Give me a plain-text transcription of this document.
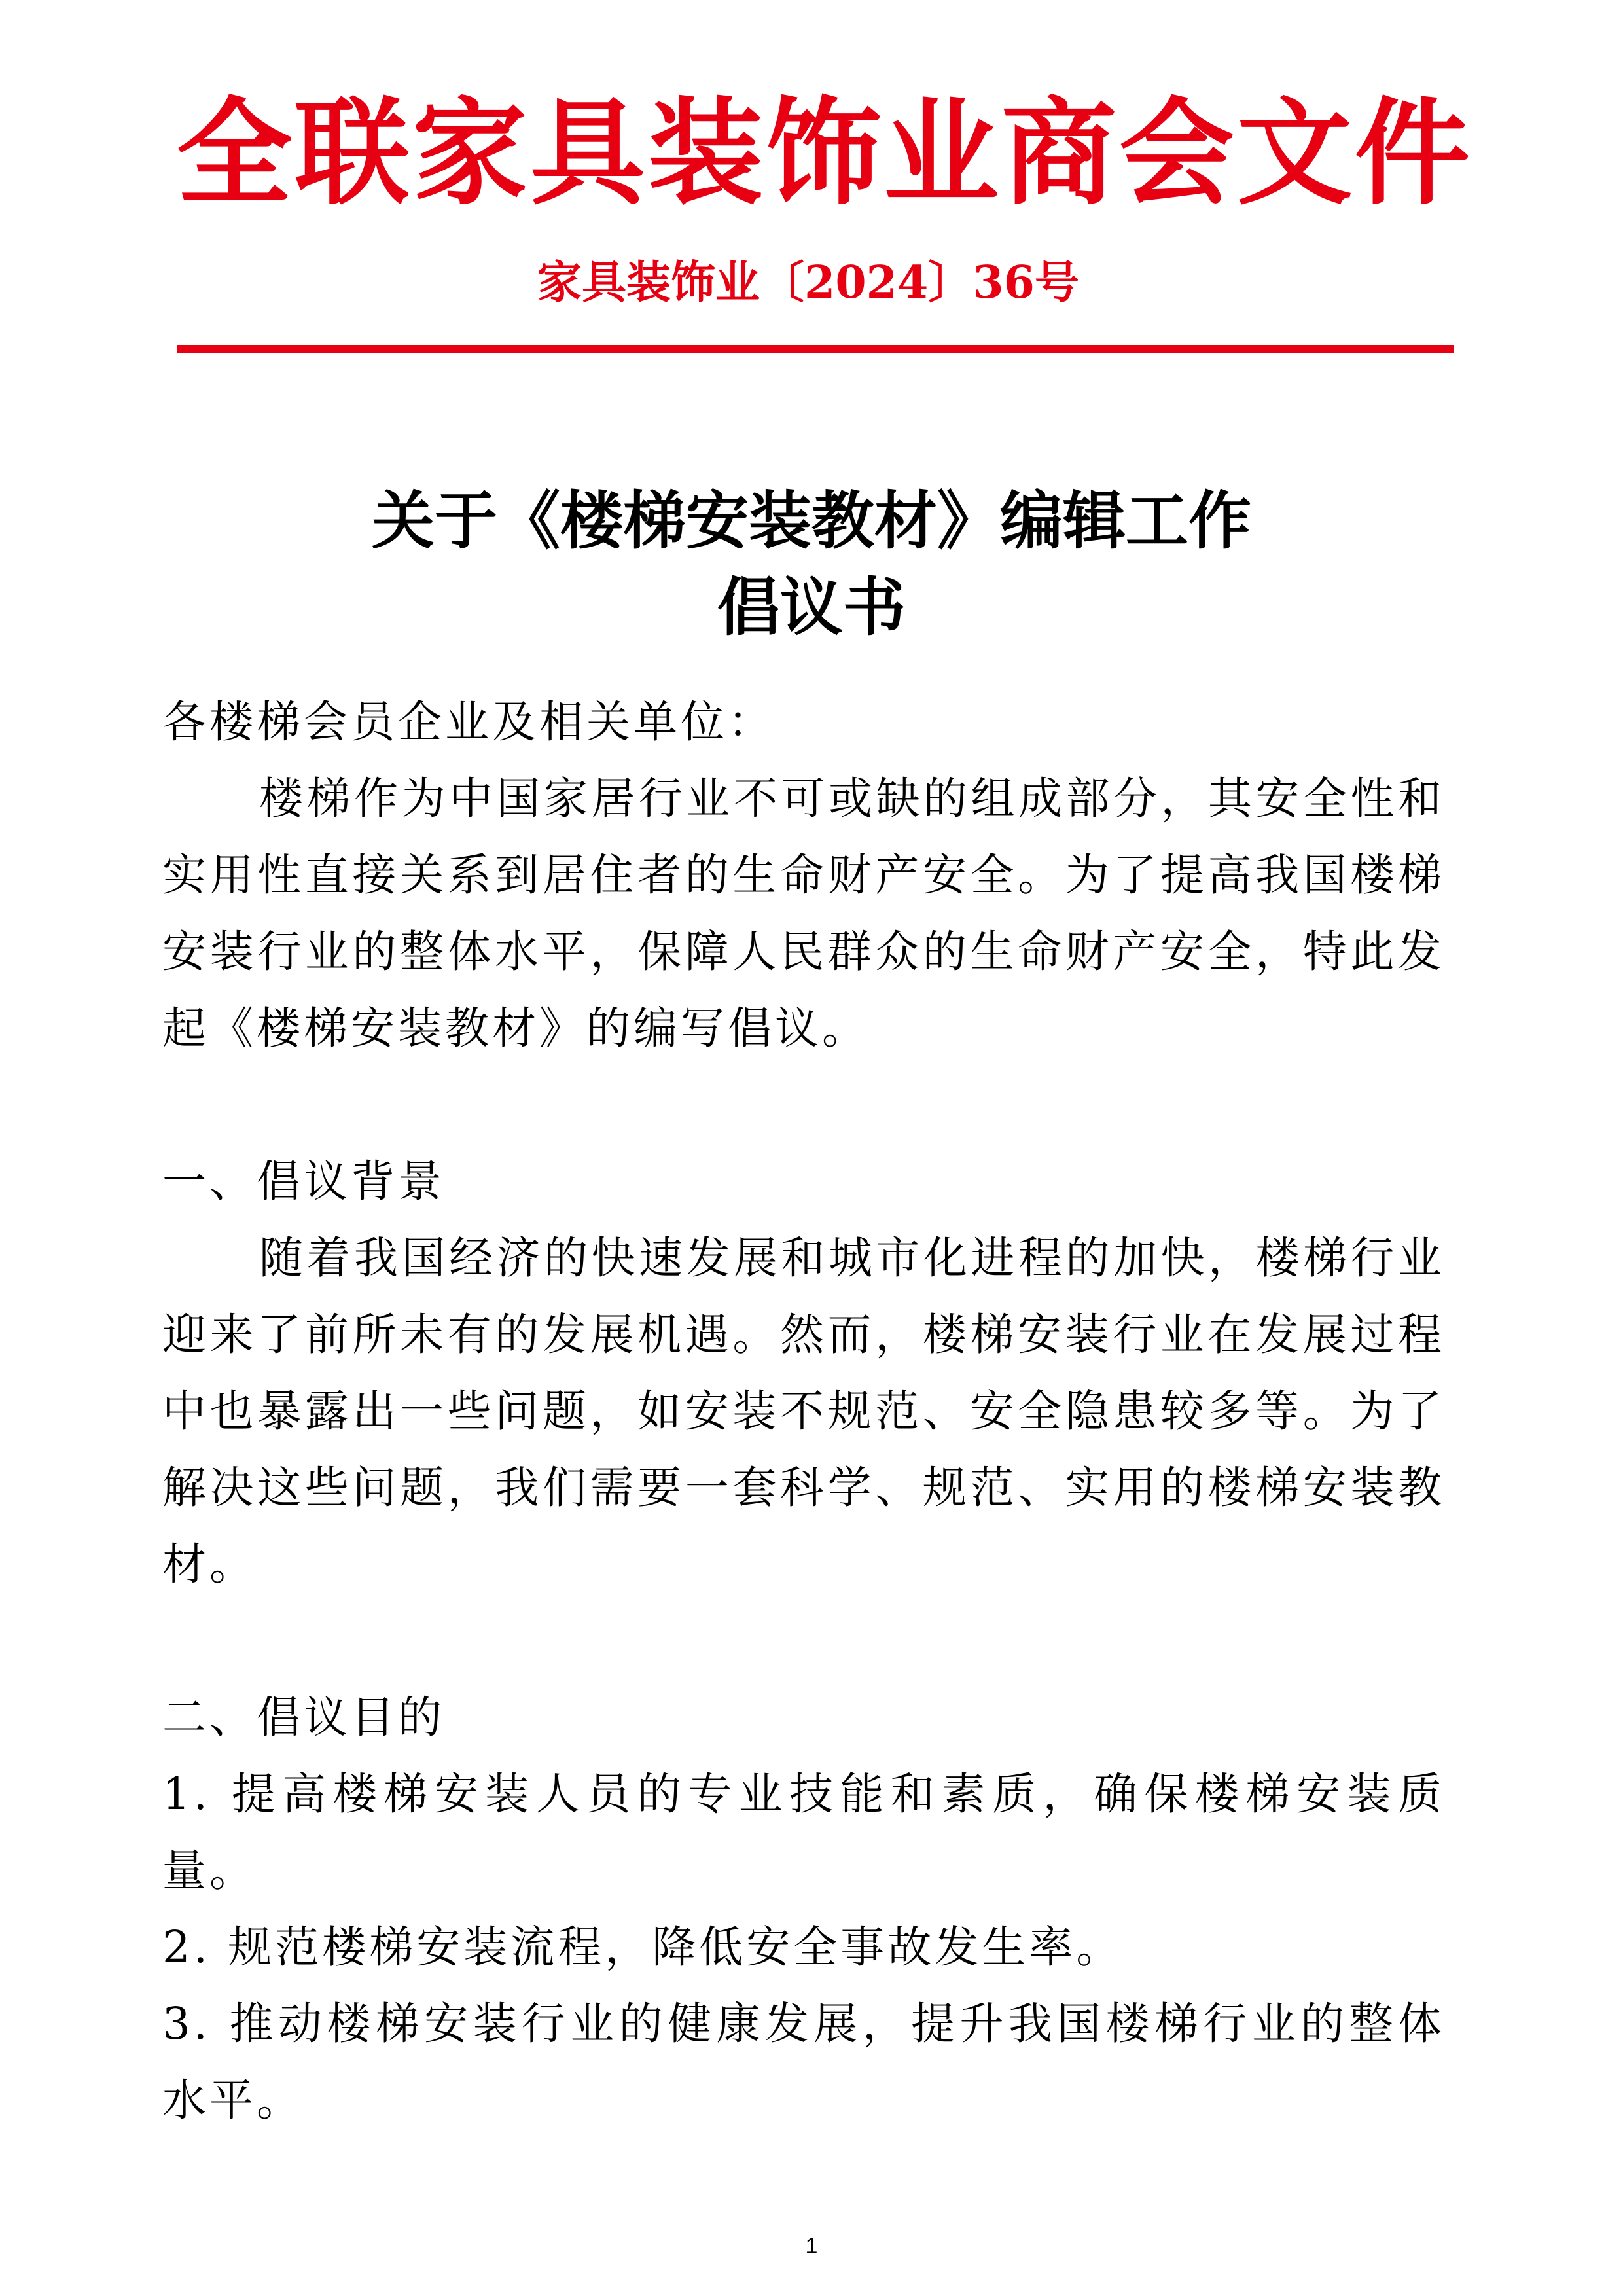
全联家具装饰业商会文件
家具装饰业〔2024〕36号
关于《楼梯安装教材》编辑工作
倡议书

各楼梯会员企业及相关单位：

楼梯作为中国家居行业不可或缺的组成部分，其安全性和实用性直接关系到居住者的生命财产安全。为了提高我国楼梯安装行业的整体水平，保障人民群众的生命财产安全，特此发起《楼梯安装教材》的编写倡议。

一、倡议背景

随着我国经济的快速发展和城市化进程的加快，楼梯行业迎来了前所未有的发展机遇。然而，楼梯安装行业在发展过程中也暴露出一些问题，如安装不规范、安全隐患较多等。为了解决这些问题，我们需要一套科学、规范、实用的楼梯安装教材。

二、倡议目的

1. 提高楼梯安装人员的专业技能和素质，确保楼梯安装质量。

2. 规范楼梯安装流程，降低安全事故发生率。

3. 推动楼梯安装行业的健康发展，提升我国楼梯行业的整体水平。

1
